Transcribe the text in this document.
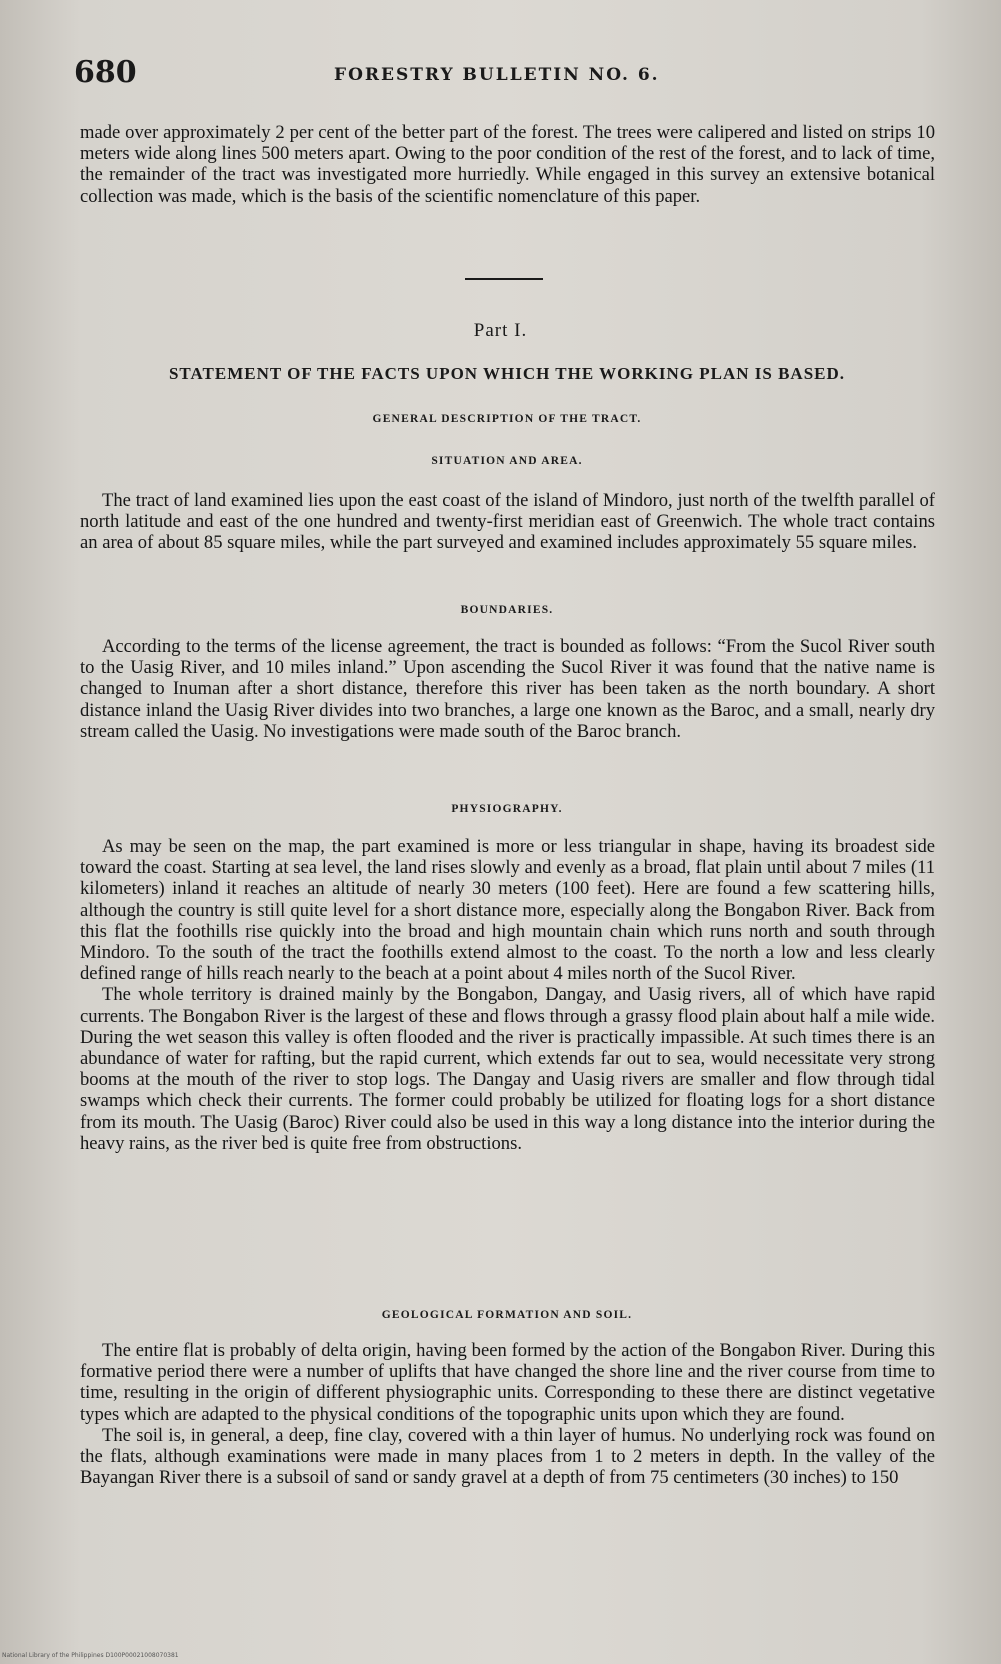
680	FORESTRY BULLETIN NO. 6.

made over approximately 2 per cent of the better part of the forest. The trees were calipered and listed on strips 10 meters wide along lines 500 meters apart. Owing to the poor condition of the rest of the forest, and to lack of time, the remainder of the tract was investigated more hurriedly. While engaged in this survey an extensive botanical collection was made, which is the basis of the scientific nomenclature of this paper.

Part I.
STATEMENT OF THE FACTS UPON WHICH THE WORKING PLAN IS BASED.
GENERAL DESCRIPTION OF THE TRACT.
SITUATION AND AREA.

The tract of land examined lies upon the east coast of the island of Mindoro, just north of the twelfth parallel of north latitude and east of the one hundred and twenty-first meridian east of Greenwich. The whole tract contains an area of about 85 square miles, while the part surveyed and examined includes approximately 55 square miles.

BOUNDARIES.

According to the terms of the license agreement, the tract is bounded as follows: “From the Sucol River south to the Uasig River, and 10 miles inland.” Upon ascending the Sucol River it was found that the native name is changed to Inuman after a short distance, therefore this river has been taken as the north boundary. A short distance inland the Uasig River divides into two branches, a large one known as the Baroc, and a small, nearly dry stream called the Uasig. No investigations were made south of the Baroc branch.

PHYSIOGRAPHY.

As may be seen on the map, the part examined is more or less triangular in shape, having its broadest side toward the coast. Starting at sea level, the land rises slowly and evenly as a broad, flat plain until about 7 miles (11 kilometers) inland it reaches an altitude of nearly 30 meters (100 feet). Here are found a few scattering hills, although the country is still quite level for a short distance more, especially along the Bongabon River. Back from this flat the foothills rise quickly into the broad and high mountain chain which runs north and south through Mindoro. To the south of the tract the foothills extend almost to the coast. To the north a low and less clearly defined range of hills reach nearly to the beach at a point about 4 miles north of the Sucol River.

The whole territory is drained mainly by the Bongabon, Dangay, and Uasig rivers, all of which have rapid currents. The Bongabon River is the largest of these and flows through a grassy flood plain about half a mile wide. During the wet season this valley is often flooded and the river is practically impassible. At such times there is an abundance of water for rafting, but the rapid current, which extends far out to sea, would necessitate very strong booms at the mouth of the river to stop logs. The Dangay and Uasig rivers are smaller and flow through tidal swamps which check their currents. The former could probably be utilized for floating logs for a short distance from its mouth. The Uasig (Baroc) River could also be used in this way a long distance into the interior during the heavy rains, as the river bed is quite free from obstructions.

GEOLOGICAL FORMATION AND SOIL.

The entire flat is probably of delta origin, having been formed by the action of the Bongabon River. During this formative period there were a number of uplifts that have changed the shore line and the river course from time to time, resulting in the origin of different physiographic units. Corresponding to these there are distinct vegetative types which are adapted to the physical conditions of the topographic units upon which they are found.

The soil is, in general, a deep, fine clay, covered with a thin layer of humus. No underlying rock was found on the flats, although examinations were made in many places from 1 to 2 meters in depth. In the valley of the Bayangan River there is a subsoil of sand or sandy gravel at a depth of from 75 centimeters (30 inches) to 150

National Library of the Philippines D100P00021008070381
